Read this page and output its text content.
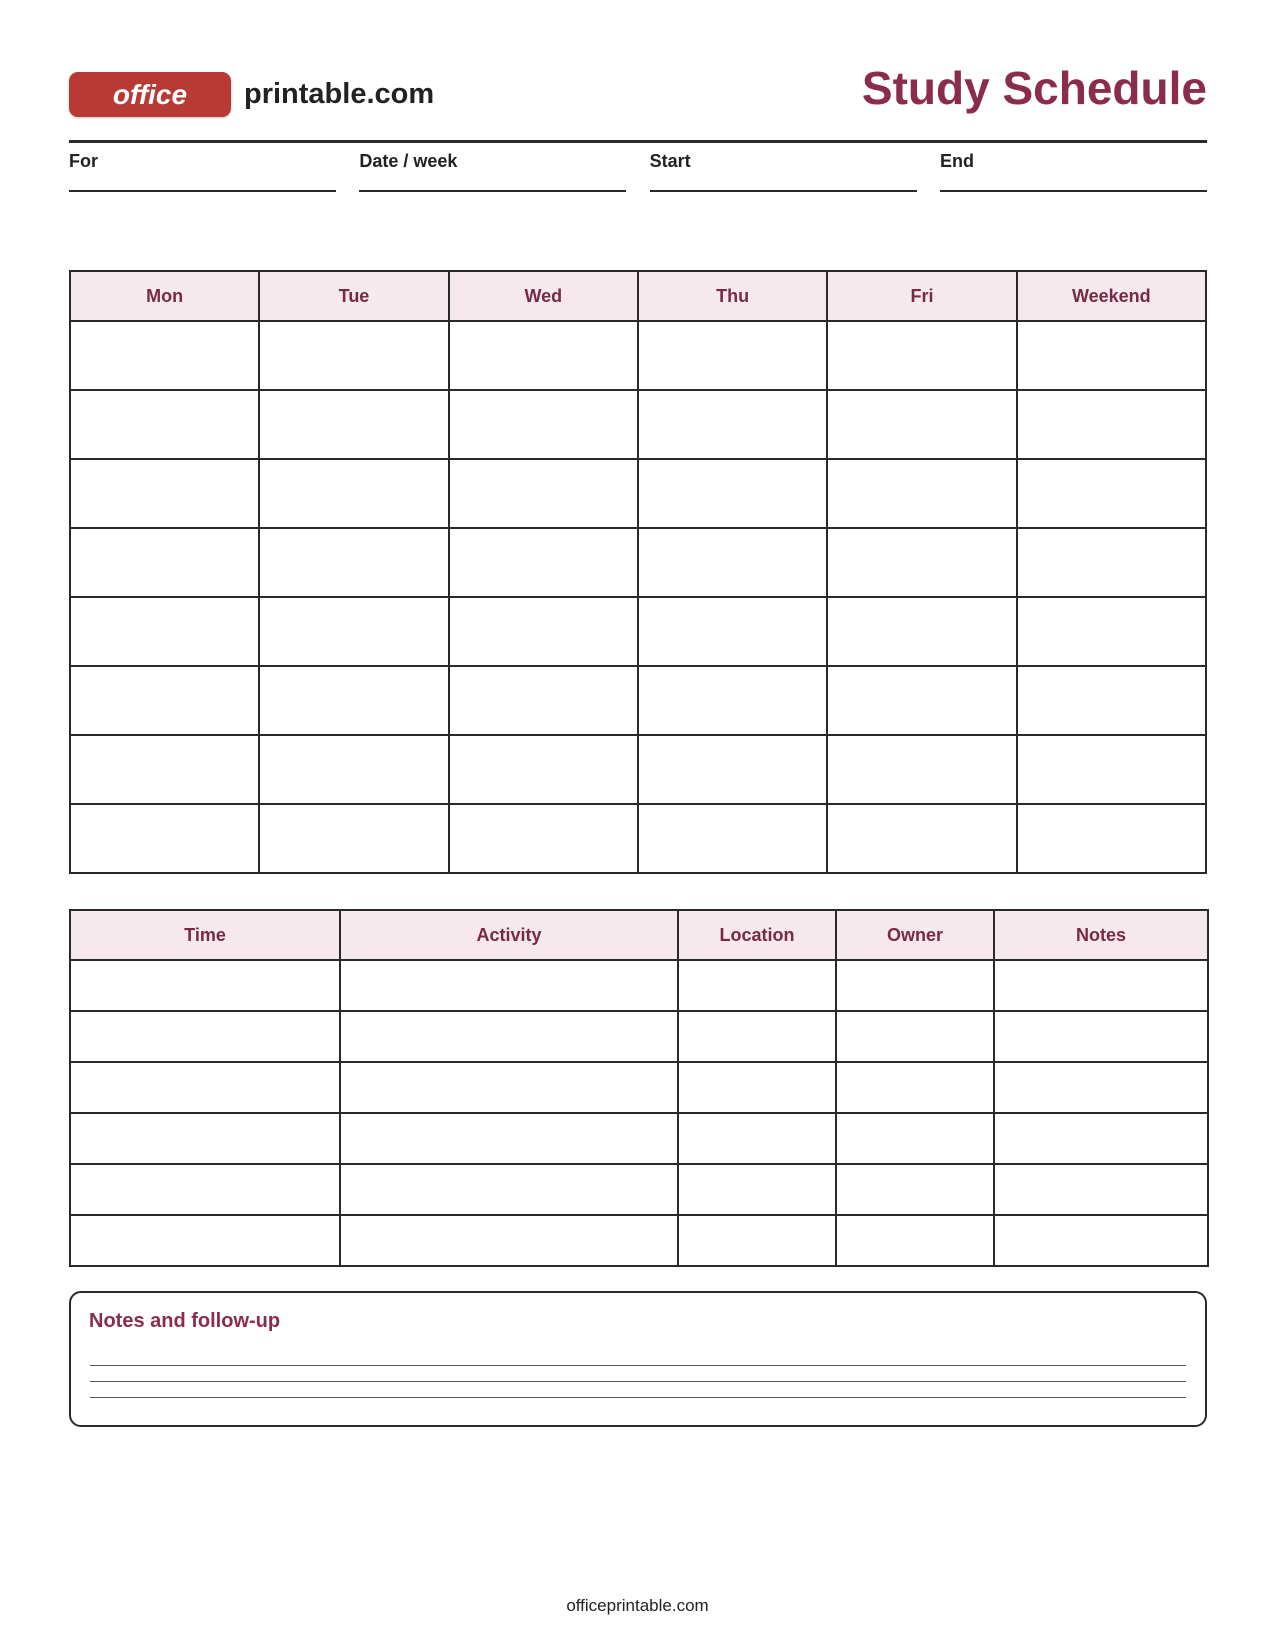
office	printable.com	Study Schedule
For	Date / week	Start	End
Mon	Tue	Wed	Thu	Fri	Weekend

Time	Activity	Location	Owner	Notes

Notes and follow-up
officeprintable.com
